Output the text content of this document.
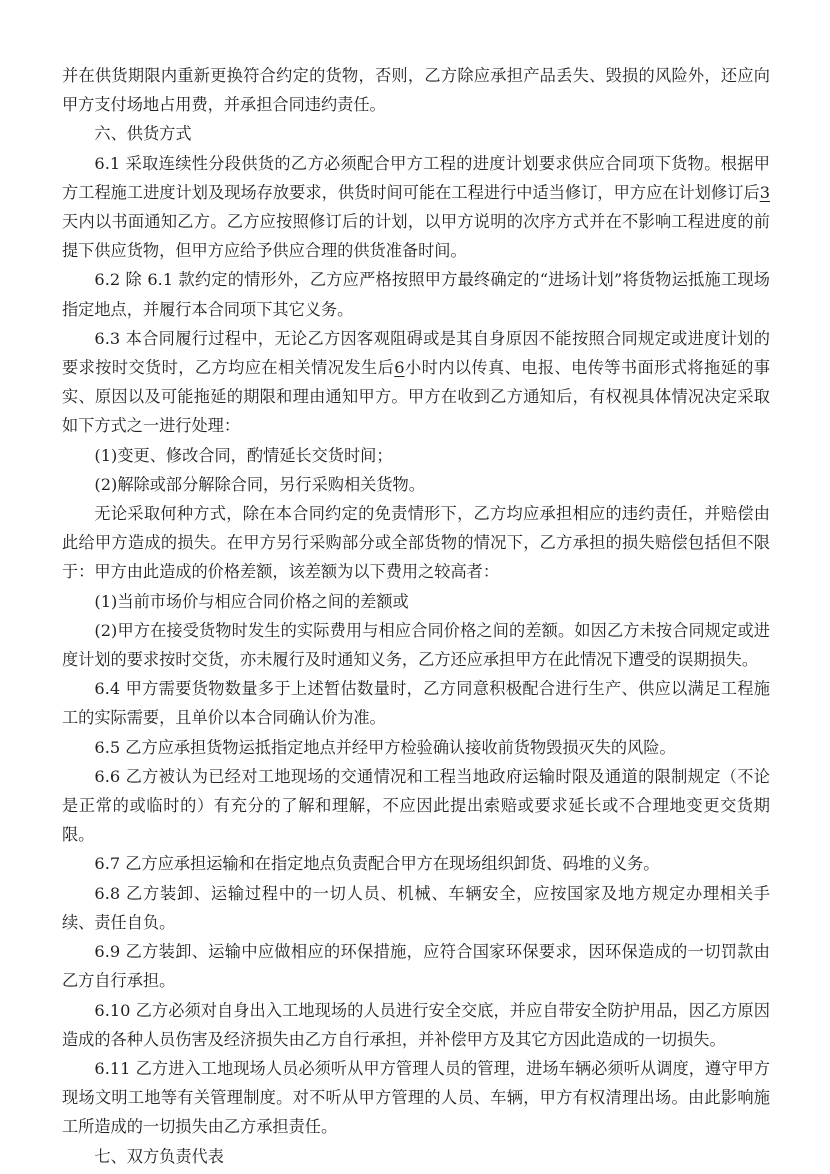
并在供货期限内重新更换符合约定的货物，否则，乙方除应承担产品丢失、毁损的风险外，还应向甲方支付场地占用费，并承担合同违约责任。

六、供货方式

6.1 采取连续性分段供货的乙方必须配合甲方工程的进度计划要求供应合同项下货物。根据甲方工程施工进度计划及现场存放要求，供货时间可能在工程进行中适当修订，甲方应在计划修订后3天内以书面通知乙方。乙方应按照修订后的计划，以甲方说明的次序方式并在不影响工程进度的前提下供应货物，但甲方应给予供应合理的供货准备时间。

6.2 除 6.1 款约定的情形外，乙方应严格按照甲方最终确定的“进场计划”将货物运抵施工现场指定地点，并履行本合同项下其它义务。

6.3 本合同履行过程中，无论乙方因客观阻碍或是其自身原因不能按照合同规定或进度计划的要求按时交货时，乙方均应在相关情况发生后6小时内以传真、电报、电传等书面形式将拖延的事实、原因以及可能拖延的期限和理由通知甲方。甲方在收到乙方通知后，有权视具体情况决定采取如下方式之一进行处理：

(1)变更、修改合同，酌情延长交货时间；

(2)解除或部分解除合同，另行采购相关货物。

无论采取何种方式，除在本合同约定的免责情形下，乙方均应承担相应的违约责任，并赔偿由此给甲方造成的损失。在甲方另行采购部分或全部货物的情况下，乙方承担的损失赔偿包括但不限于：甲方由此造成的价格差额，该差额为以下费用之较高者：

(1)当前市场价与相应合同价格之间的差额或

(2)甲方在接受货物时发生的实际费用与相应合同价格之间的差额。如因乙方未按合同规定或进度计划的要求按时交货，亦未履行及时通知义务，乙方还应承担甲方在此情况下遭受的误期损失。

6.4 甲方需要货物数量多于上述暂估数量时，乙方同意积极配合进行生产、供应以满足工程施工的实际需要，且单价以本合同确认价为准。

6.5 乙方应承担货物运抵指定地点并经甲方检验确认接收前货物毁损灭失的风险。

6.6 乙方被认为已经对工地现场的交通情况和工程当地政府运输时限及通道的限制规定（不论是正常的或临时的）有充分的了解和理解，不应因此提出索赔或要求延长或不合理地变更交货期限。

6.7 乙方应承担运输和在指定地点负责配合甲方在现场组织卸货、码堆的义务。

6.8 乙方装卸、运输过程中的一切人员、机械、车辆安全，应按国家及地方规定办理相关手续、责任自负。

6.9 乙方装卸、运输中应做相应的环保措施，应符合国家环保要求，因环保造成的一切罚款由乙方自行承担。

6.10 乙方必须对自身出入工地现场的人员进行安全交底，并应自带安全防护用品，因乙方原因造成的各种人员伤害及经济损失由乙方自行承担，并补偿甲方及其它方因此造成的一切损失。

6.11 乙方进入工地现场人员必须听从甲方管理人员的管理，进场车辆必须听从调度，遵守甲方现场文明工地等有关管理制度。对不听从甲方管理的人员、车辆，甲方有权清理出场。由此影响施工所造成的一切损失由乙方承担责任。

七、双方负责代表
